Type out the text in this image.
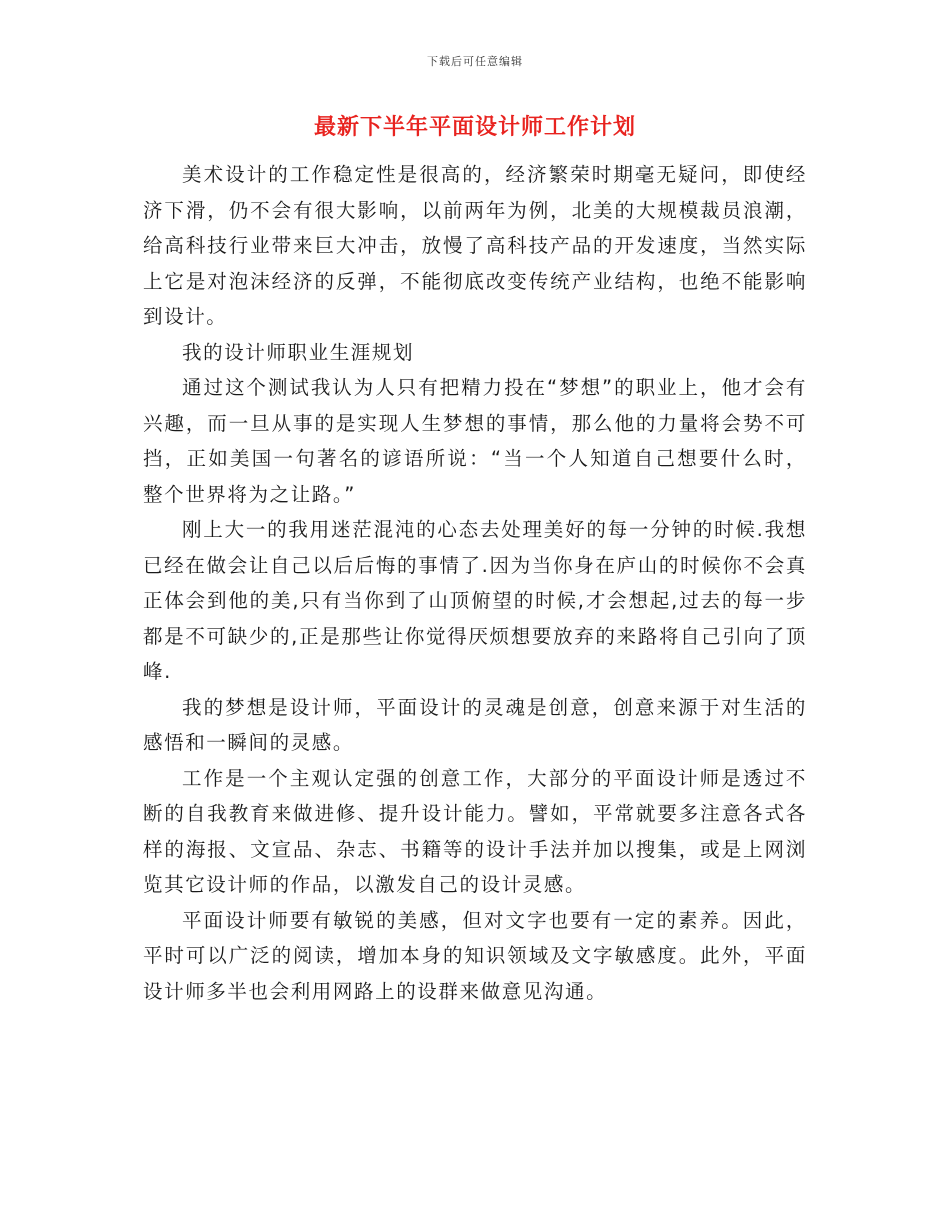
下载后可任意编辑
最新下半年平面设计师工作计划

美术设计的工作稳定性是很高的，经济繁荣时期毫无疑问，即使经济下滑，仍不会有很大影响，以前两年为例，北美的大规模裁员浪潮，给高科技行业带来巨大冲击，放慢了高科技产品的开发速度，当然实际上它是对泡沫经济的反弹，不能彻底改变传统产业结构，也绝不能影响到设计。

我的设计师职业生涯规划

通过这个测试我认为人只有把精力投在“梦想”的职业上，他才会有兴趣，而一旦从事的是实现人生梦想的事情，那么他的力量将会势不可挡，正如美国一句著名的谚语所说：“当一个人知道自己想要什么时，整个世界将为之让路。”

刚上大一的我用迷茫混沌的心态去处理美好的每一分钟的时候.我想已经在做会让自己以后后悔的事情了.因为当你身在庐山的时候你不会真正体会到他的美,只有当你到了山顶俯望的时候,才会想起,过去的每一步都是不可缺少的,正是那些让你觉得厌烦想要放弃的来路将自己引向了顶峰.

我的梦想是设计师，平面设计的灵魂是创意，创意来源于对生活的感悟和一瞬间的灵感。

工作是一个主观认定强的创意工作，大部分的平面设计师是透过不断的自我教育来做进修、提升设计能力。譬如，平常就要多注意各式各样的海报、文宣品、杂志、书籍等的设计手法并加以搜集，或是上网浏览其它设计师的作品，以激发自己的设计灵感。

平面设计师要有敏锐的美感，但对文字也要有一定的素养。因此，平时可以广泛的阅读，增加本身的知识领域及文字敏感度。此外，平面设计师多半也会利用网路上的设群来做意见沟通。
